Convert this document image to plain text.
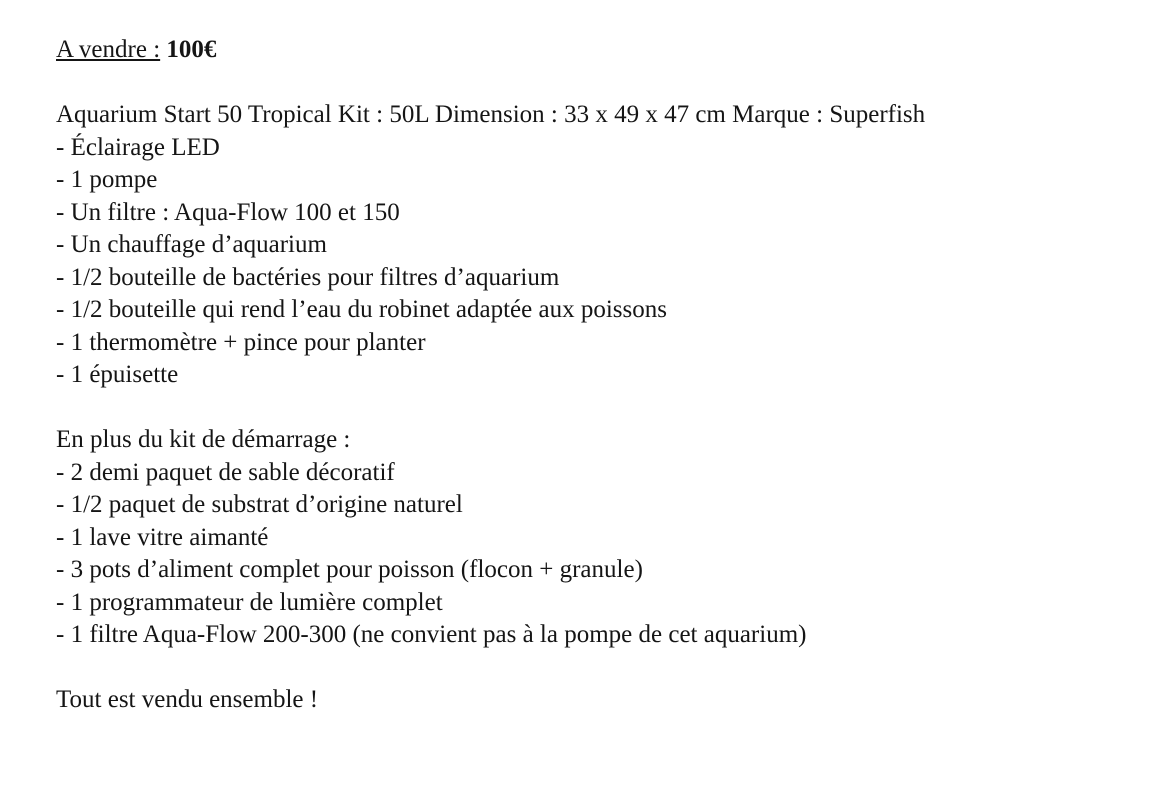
A vendre : 100€
Aquarium Start 50 Tropical Kit : 50L Dimension : 33 x 49 x 47 cm Marque : Superfish
- Éclairage LED
- 1 pompe
- Un filtre : Aqua-Flow 100 et 150
- Un chauffage d’aquarium
- 1/2 bouteille de bactéries pour filtres d’aquarium
- 1/2 bouteille qui rend l’eau du robinet adaptée aux poissons
- 1 thermomètre + pince pour planter
- 1 épuisette
En plus du kit de démarrage :
- 2 demi paquet de sable décoratif
- 1/2 paquet de substrat d’origine naturel
- 1 lave vitre aimanté
- 3 pots d’aliment complet pour poisson (flocon + granule)
- 1 programmateur de lumière complet
- 1 filtre Aqua-Flow 200-300 (ne convient pas à la pompe de cet aquarium)
Tout est vendu ensemble !
